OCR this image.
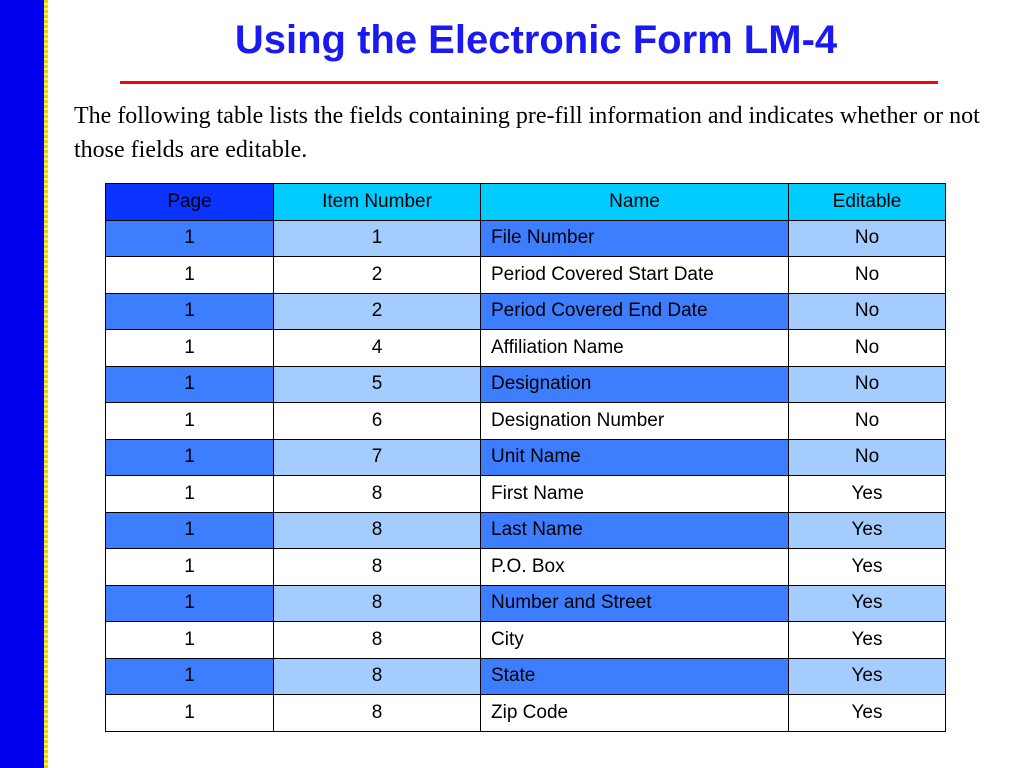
Using the Electronic Form LM-4
The following table lists the fields containing pre-fill information and indicates whether or not those fields are editable.
Page	Item Number	Name	Editable
1	1	File Number	No
1	2	Period Covered Start Date	No
1	2	Period Covered End Date	No
1	4	Affiliation Name	No
1	5	Designation	No
1	6	Designation Number	No
1	7	Unit Name	No
1	8	First Name	Yes
1	8	Last Name	Yes
1	8	P.O. Box	Yes
1	8	Number and Street	Yes
1	8	City	Yes
1	8	State	Yes
1	8	Zip Code	Yes
